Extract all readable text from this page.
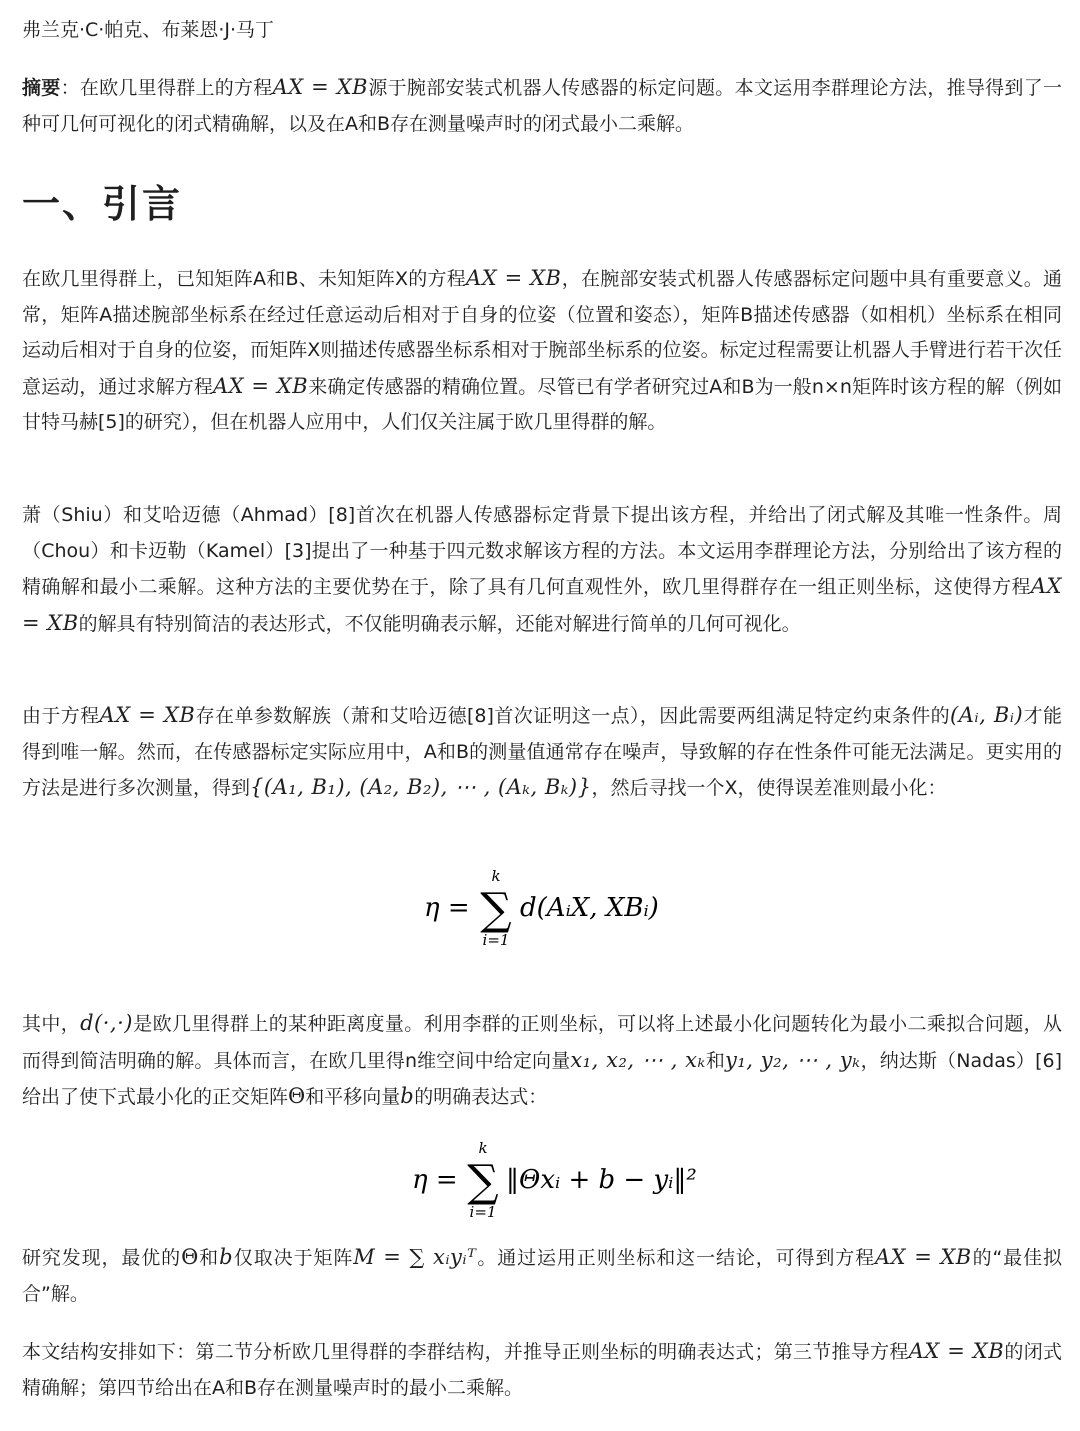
弗兰克·C·帕克、布莱恩·J·马丁
摘要：在欧几里得群上的方程AX = XB源于腕部安装式机器人传感器的标定问题。本文运用李群理论方法，推导得到了一种可几何可视化的闭式精确解，以及在A和B存在测量噪声时的闭式最小二乘解。
一、引言
在欧几里得群上，已知矩阵A和B、未知矩阵X的方程AX = XB，在腕部安装式机器人传感器标定问题中具有重要意义。通常，矩阵A描述腕部坐标系在经过任意运动后相对于自身的位姿（位置和姿态），矩阵B描述传感器（如相机）坐标系在相同运动后相对于自身的位姿，而矩阵X则描述传感器坐标系相对于腕部坐标系的位姿。标定过程需要让机器人手臂进行若干次任意运动，通过求解方程AX = XB来确定传感器的精确位置。尽管已有学者研究过A和B为一般n×n矩阵时该方程的解（例如甘特马赫[5]的研究），但在机器人应用中，人们仅关注属于欧几里得群的解。
萧（Shiu）和艾哈迈德（Ahmad）[8]首次在机器人传感器标定背景下提出该方程，并给出了闭式解及其唯一性条件。周（Chou）和卡迈勒（Kamel）[3]提出了一种基于四元数求解该方程的方法。本文运用李群理论方法，分别给出了该方程的精确解和最小二乘解。这种方法的主要优势在于，除了具有几何直观性外，欧几里得群存在一组正则坐标，这使得方程AX = XB的解具有特别简洁的表达形式，不仅能明确表示解，还能对解进行简单的几何可视化。
由于方程AX = XB存在单参数解族（萧和艾哈迈德[8]首次证明这一点），因此需要两组满足特定约束条件的(Aᵢ, Bᵢ)才能得到唯一解。然而，在传感器标定实际应用中，A和B的测量值通常存在噪声，导致解的存在性条件可能无法满足。更实用的方法是进行多次测量，得到{(A₁, B₁), (A₂, B₂), ⋯ , (Aₖ, Bₖ)}，然后寻找一个X，使得误差准则最小化：
η =
k
∑
i=1
d(AᵢX, XBᵢ)
其中，d(·,·)是欧几里得群上的某种距离度量。利用李群的正则坐标，可以将上述最小化问题转化为最小二乘拟合问题，从而得到简洁明确的解。具体而言，在欧几里得n维空间中给定向量x₁, x₂, ⋯ , xₖ和y₁, y₂, ⋯ , yₖ，纳达斯（Nadas）[6]给出了使下式最小化的正交矩阵Θ和平移向量b的明确表达式：
η =
k
∑
i=1
‖Θxᵢ + b − yᵢ‖²
研究发现，最优的Θ和b仅取决于矩阵M = ∑ xᵢyᵢᵀ。通过运用正则坐标和这一结论，可得到方程AX = XB的“最佳拟合”解。
本文结构安排如下：第二节分析欧几里得群的李群结构，并推导正则坐标的明确表达式；第三节推导方程AX = XB的闭式精确解；第四节给出在A和B存在测量噪声时的最小二乘解。
